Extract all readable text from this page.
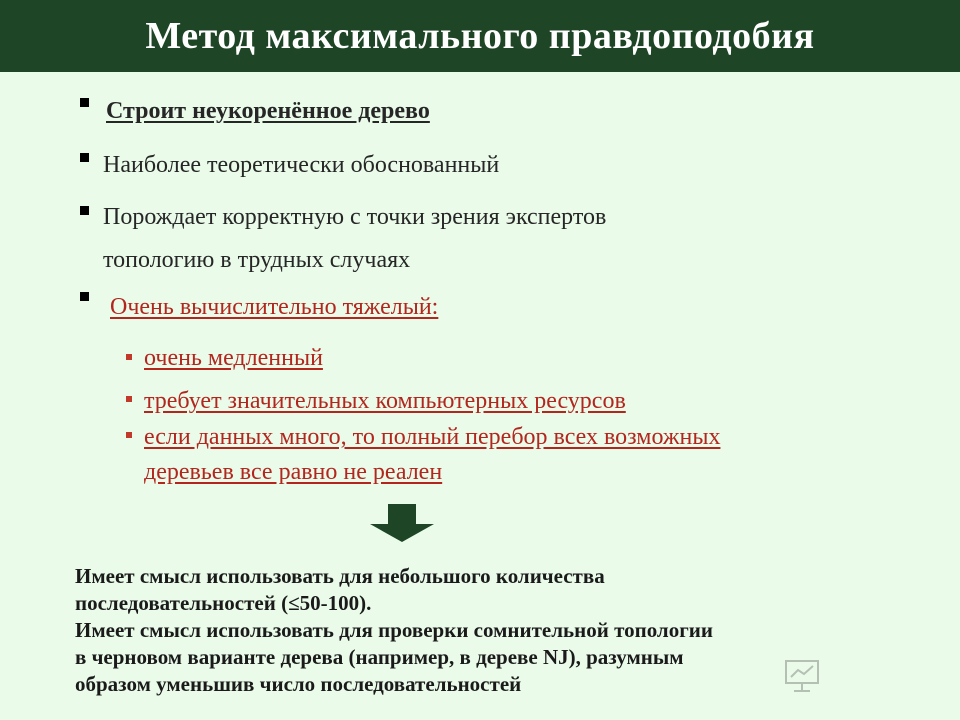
Метод максимального правдоподобия
Строит неукоренённое дерево
Наиболее теоретически обоснованный
Порождает корректную с точки зрения экспертов
топологию в трудных случаях
Очень вычислительно тяжелый:
очень медленный
требует значительных компьютерных ресурсов
если данных много, то полный перебор всех возможных
деревьев все равно не реален
Имеет смысл использовать для небольшого количества
последовательностей (≤50-100).
Имеет смысл использовать для проверки сомнительной топологии
в черновом варианте дерева (например, в дереве NJ), разумным
образом уменьшив число последовательностей
